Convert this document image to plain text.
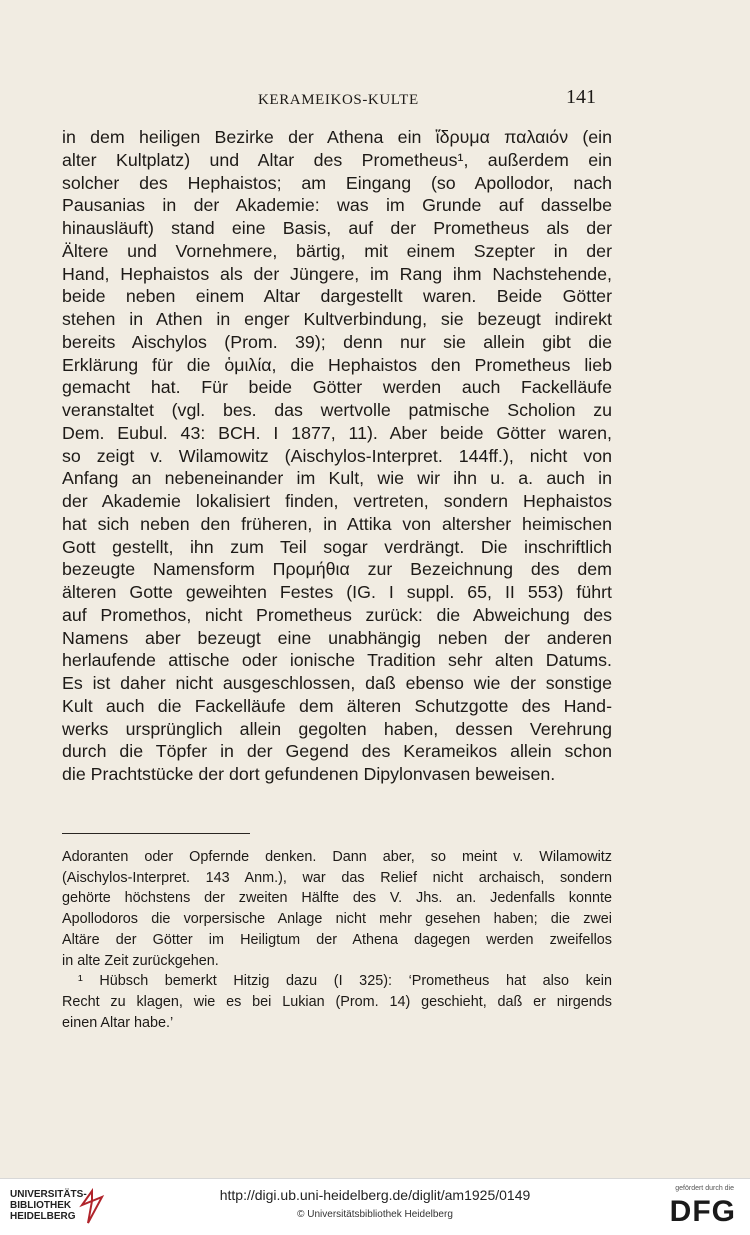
KERAMEIKOS-KULTE	141
in dem heiligen Bezirke der Athena ein ἵδρυμα παλαιόν (ein
alter Kultplatz) und Altar des Prometheus¹, außerdem ein
solcher des Hephaistos; am Eingang (so Apollodor, nach
Pausanias in der Akademie: was im Grunde auf dasselbe
hinausläuft) stand eine Basis, auf der Prometheus als der
Ältere und Vornehmere, bärtig, mit einem Szepter in der
Hand, Hephaistos als der Jüngere, im Rang ihm Nachstehende,
beide neben einem Altar dargestellt waren. Beide Götter
stehen in Athen in enger Kultverbindung, sie bezeugt indirekt
bereits Aischylos (Prom. 39); denn nur sie allein gibt die
Erklärung für die ὁμιλία, die Hephaistos den Prometheus lieb
gemacht hat. Für beide Götter werden auch Fackelläufe
veranstaltet (vgl. bes. das wertvolle patmische Scholion zu
Dem. Eubul. 43: BCH. I 1877, 11). Aber beide Götter waren,
so zeigt v. Wilamowitz (Aischylos-Interpret. 144ff.), nicht von
Anfang an nebeneinander im Kult, wie wir ihn u. a. auch in
der Akademie lokalisiert finden, vertreten, sondern Hephaistos
hat sich neben den früheren, in Attika von altersher heimischen
Gott gestellt, ihn zum Teil sogar verdrängt. Die inschriftlich
bezeugte Namensform Προμήθια zur Bezeichnung des dem
älteren Gotte geweihten Festes (IG. I suppl. 65, II 553) führt
auf Promethos, nicht Prometheus zurück: die Abweichung des
Namens aber bezeugt eine unabhängig neben der anderen
herlaufende attische oder ionische Tradition sehr alten Datums.
Es ist daher nicht ausgeschlossen, daß ebenso wie der sonstige
Kult auch die Fackelläufe dem älteren Schutzgotte des Hand-
werks ursprünglich allein gegolten haben, dessen Verehrung
durch die Töpfer in der Gegend des Kerameikos allein schon
die Prachtstücke der dort gefundenen Dipylonvasen beweisen.
Adoranten oder Opfernde denken. Dann aber, so meint v. Wilamowitz
(Aischylos-Interpret. 143 Anm.), war das Relief nicht archaisch, sondern
gehörte höchstens der zweiten Hälfte des V. Jhs. an. Jedenfalls konnte
Apollodoros die vorpersische Anlage nicht mehr gesehen haben; die zwei
Altäre der Götter im Heiligtum der Athena dagegen werden zweifellos
in alte Zeit zurückgehen.
¹ Hübsch bemerkt Hitzig dazu (I 325): ‘Prometheus hat also kein
Recht zu klagen, wie es bei Lukian (Prom. 14) geschieht, daß er nirgends
einen Altar habe.’
UNIVERSITÄTS-
BIBLIOTHEK
HEIDELBERG
http://digi.ub.uni-heidelberg.de/diglit/am1925/0149
© Universitätsbibliothek Heidelberg
gefördert durch die
DFG
